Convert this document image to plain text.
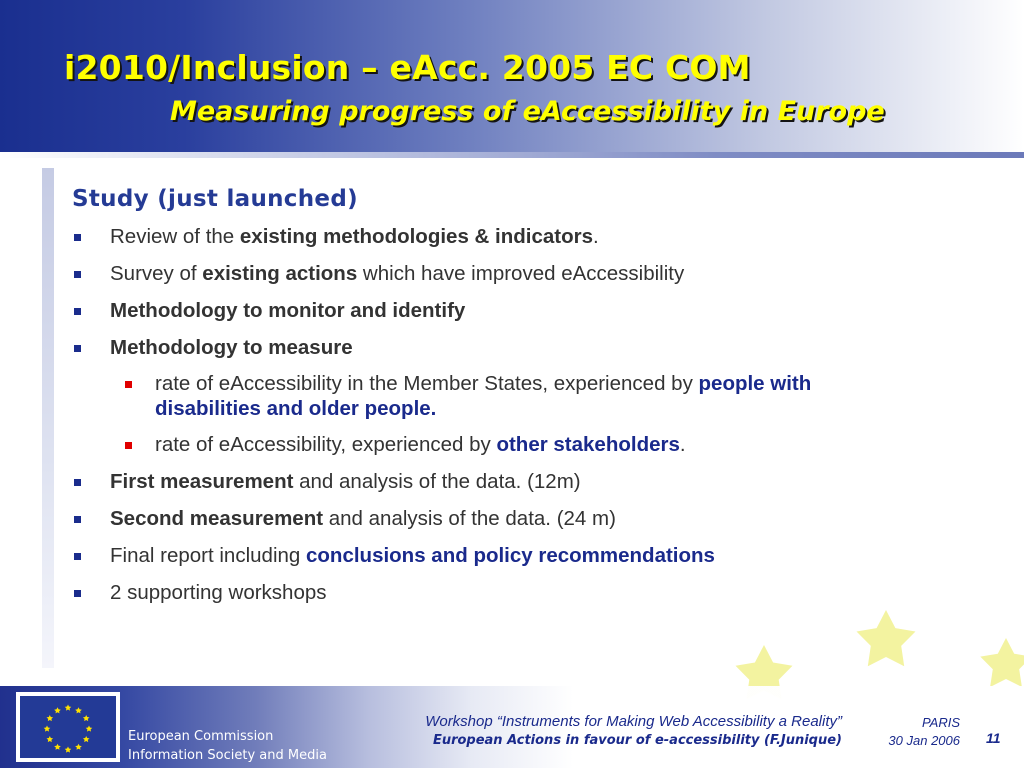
i2010/Inclusion – eAcc. 2005 EC COM
Measuring progress of eAccessibility in Europe
Study (just launched)

Review of the existing methodologies & indicators.

Survey of existing actions which have improved eAccessibility

Methodology to monitor and identify

Methodology to measure

rate of eAccessibility in the Member States, experienced by people with disabilities and older people.

rate of eAccessibility, experienced by other stakeholders.

First measurement and analysis of the data. (12m)

Second measurement and analysis of the data. (24 m)

Final report including conclusions and policy recommendations

2 supporting workshops

European Commission
Information Society and Media
Workshop “Instruments for Making Web Accessibility a Reality”
European Actions in favour of e-accessibility (F.Junique)
PARIS
30 Jan 2006 11
